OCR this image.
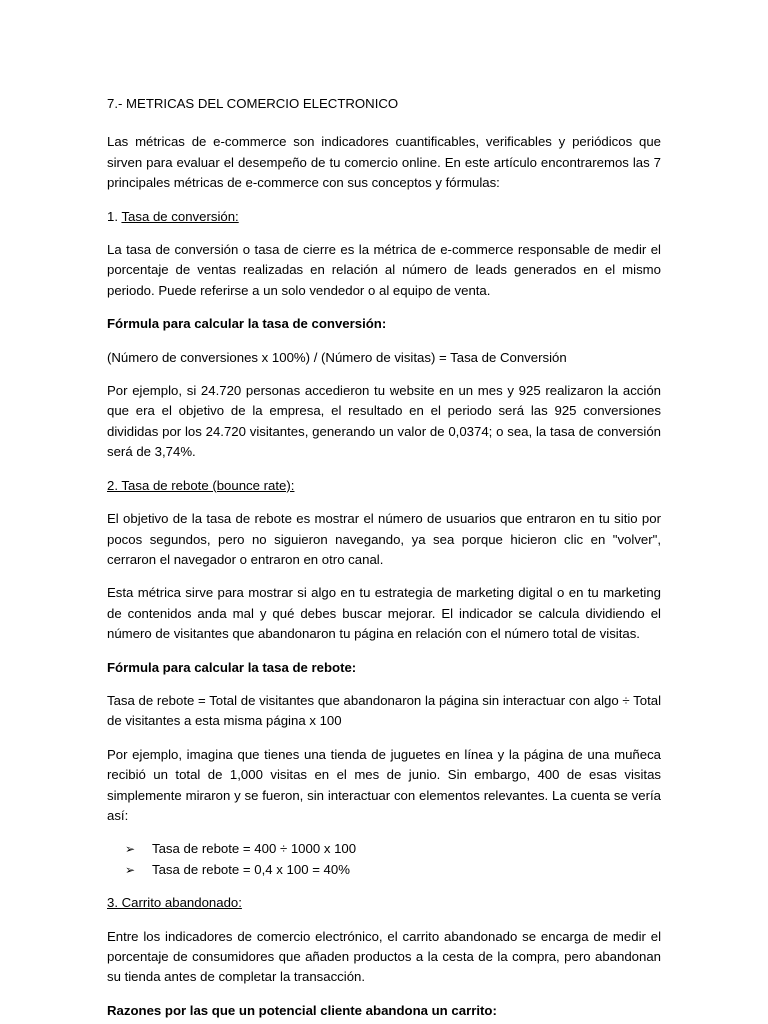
7.- METRICAS DEL COMERCIO ELECTRONICO

Las métricas de e-commerce son indicadores cuantificables, verificables y periódicos que sirven para evaluar el desempeño de tu comercio online. En este artículo encontraremos las 7 principales métricas de e-commerce con sus conceptos y fórmulas:

1. Tasa de conversión:

La tasa de conversión o tasa de cierre es la métrica de e-commerce responsable de medir el porcentaje de ventas realizadas en relación al número de leads generados en el mismo periodo. Puede referirse a un solo vendedor o al equipo de venta.

Fórmula para calcular la tasa de conversión:

(Número de conversiones x 100%) / (Número de visitas) = Tasa de Conversión

Por ejemplo, si 24.720 personas accedieron tu website en un mes y 925 realizaron la acción que era el objetivo de la empresa, el resultado en el periodo será las 925 conversiones divididas por los 24.720 visitantes, generando un valor de 0,0374; o sea, la tasa de conversión será de 3,74%.

2. Tasa de rebote (bounce rate):

El objetivo de la tasa de rebote es mostrar el número de usuarios que entraron en tu sitio por pocos segundos, pero no siguieron navegando, ya sea porque hicieron clic en "volver", cerraron el navegador o entraron en otro canal.

Esta métrica sirve para mostrar si algo en tu estrategia de marketing digital o en tu marketing de contenidos anda mal y qué debes buscar mejorar. El indicador se calcula dividiendo el número de visitantes que abandonaron tu página en relación con el número total de visitas.

Fórmula para calcular la tasa de rebote:

Tasa de rebote = Total de visitantes que abandonaron la página sin interactuar con algo ÷ Total de visitantes a esta misma página x 100

Por ejemplo, imagina que tienes una tienda de juguetes en línea y la página de una muñeca recibió un total de 1,000 visitas en el mes de junio. Sin embargo, 400 de esas visitas simplemente miraron y se fueron, sin interactuar con elementos relevantes. La cuenta se vería así:

➢	Tasa de rebote = 400 ÷ 1000 x 100
➢	Tasa de rebote = 0,4 x 100 = 40%

3. Carrito abandonado:

Entre los indicadores de comercio electrónico, el carrito abandonado se encarga de medir el porcentaje de consumidores que añaden productos a la cesta de la compra, pero abandonan su tienda antes de completar la transacción.

Razones por las que un potencial cliente abandona un carrito:
